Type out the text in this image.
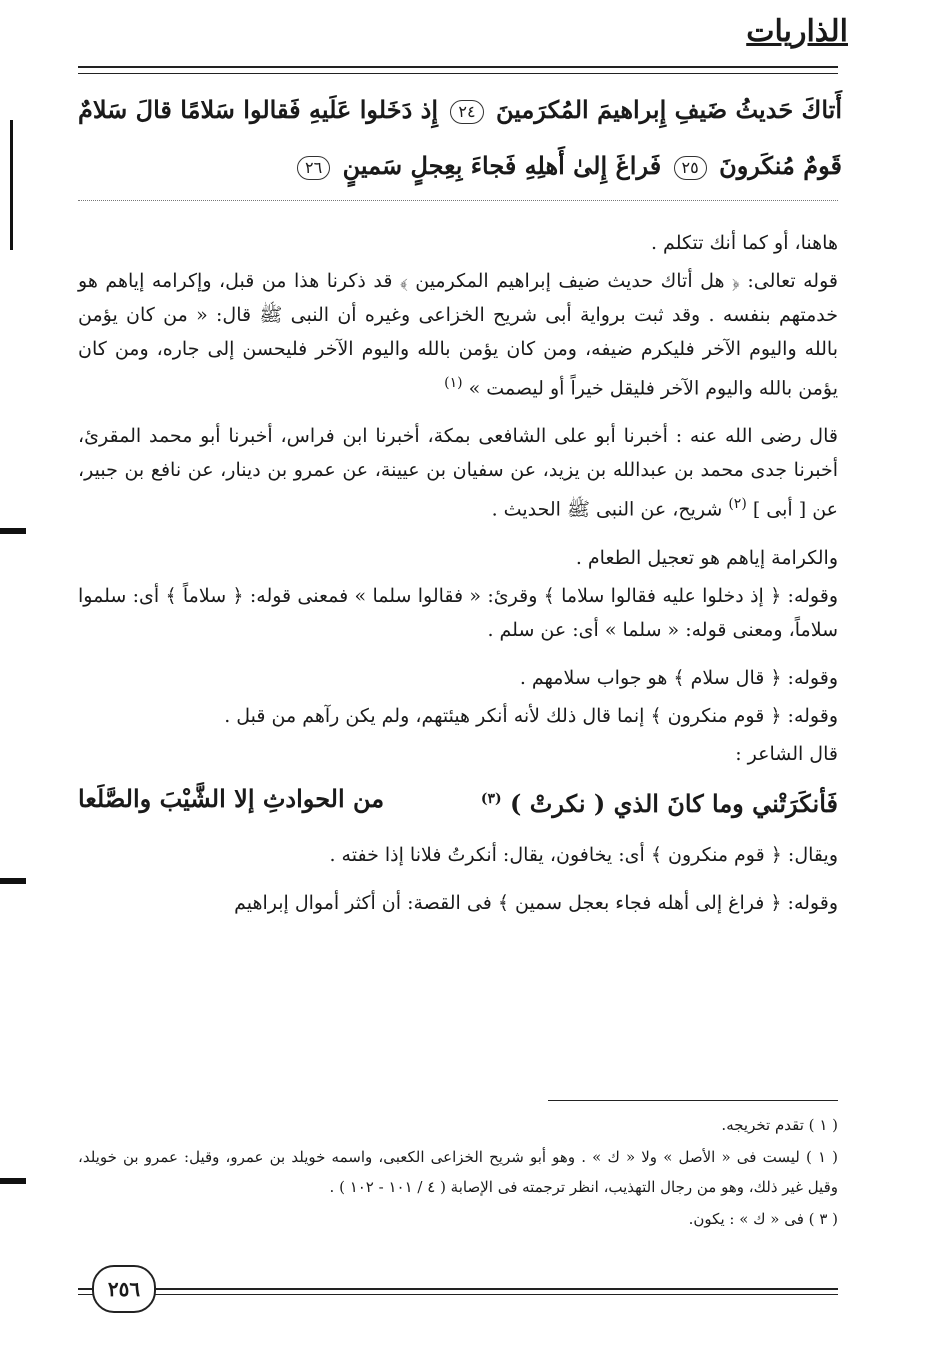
الذاريات
أَتاكَ حَديثُ ضَيفِ إِبراهيمَ المُكرَمينَ ٢٤ إِذ دَخَلوا عَلَيهِ فَقالوا سَلامًا قالَ سَلامٌ قَومٌ مُنكَرونَ ٢٥ فَراغَ إِلىٰ أَهلِهِ فَجاءَ بِعِجلٍ سَمينٍ ٢٦

هاهنا، أو كما أنك تتكلم .

قوله تعالى: ﴿ هل أتاك حديث ضيف إبراهيم المكرمين ﴾ قد ذكرنا هذا من قبل، وإكرامه إياهم هو خدمتهم بنفسه . وقد ثبت برواية أبى شريح الخزاعى وغيره أن النبى ﷺ قال: « من كان يؤمن بالله واليوم الآخر فليكرم ضيفه، ومن كان يؤمن بالله واليوم الآخر فليحسن إلى جاره، ومن كان يؤمن بالله واليوم الآخر فليقل خيراً أو ليصمت » $^{(١)}$

قال رضى الله عنه : أخبرنا أبو على الشافعى بمكة، أخبرنا ابن فراس، أخبرنا أبو محمد المقرئ، أخبرنا جدى محمد بن عبدالله بن يزيد، عن سفيان بن عيينة، عن عمرو بن دينار، عن نافع بن جبير، عن [ أبى ] $^{(٢)}$ شريح، عن النبى ﷺ الحديث .

والكرامة إياهم هو تعجيل الطعام .

وقوله: ﴿ إذ دخلوا عليه فقالوا سلاما ﴾ وقرئ: « فقالوا سلما » فمعنى قوله: ﴿ سلاماً ﴾ أى: سلموا سلاماً، ومعنى قوله: « سلما » أى: عن سلم .

وقوله: ﴿ قال سلام ﴾ هو جواب سلامهم .

وقوله: ﴿ قوم منكرون ﴾ إنما قال ذلك لأنه أنكر هيئتهم، ولم يكن رآهم من قبل .

قال الشاعر :

فَأنكَرَتْني وما كانَ الذي ( نكرتْ ) $^{(٣)}$
من الحوادثِ إلا الشَّيْبَ والصَّلَعا

ويقال: ﴿ قوم منكرون ﴾ أى: يخافون، يقال: أنكرتُ فلانا إذا خفته .

وقوله: ﴿ فراغ إلى أهله فجاء بعجل سمين ﴾ فى القصة: أن أكثر أموال إبراهيم

( ١ ) تقدم تخريجه.

( ١ ) ليست فى « الأصل » ولا « ك » . وهو أبو شريح الخزاعى الكعبى، واسمه خويلد بن عمرو، وقيل: عمرو بن خويلد، وقيل غير ذلك، وهو من رجال التهذيب، انظر ترجمته فى الإصابة ( ٤ / ١٠١ - ١٠٢ ) .

( ٣ ) فى « ك » : يكون.

٢٥٦
